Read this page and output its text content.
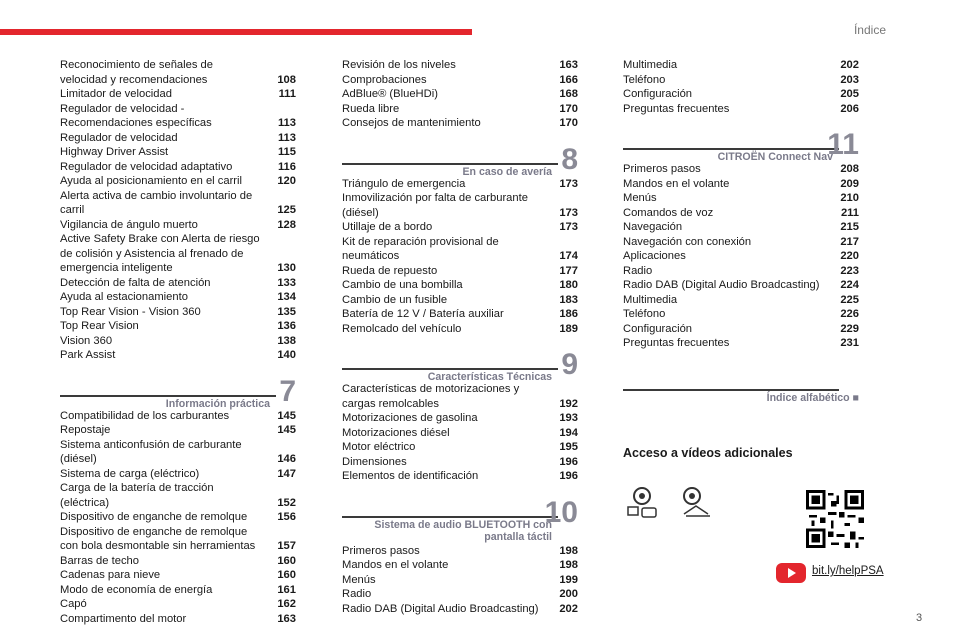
Índice
Reconocimiento de señales de velocidad y recomendaciones	108
Limitador de velocidad	111
Regulador de velocidad - Recomendaciones específicas	113
Regulador de velocidad	113
Highway Driver Assist	115
Regulador de velocidad adaptativo	116
Ayuda al posicionamiento en el carril	120
Alerta activa de cambio involuntario de carril	125
Vigilancia de ángulo muerto	128
Active Safety Brake con Alerta de riesgo de colisión y Asistencia al frenado de emergencia inteligente	130
Detección de falta de atención	133
Ayuda al estacionamiento	134
Top Rear Vision - Vision 360	135
Top Rear Vision	136
Vision 360	138
Park Assist	140
Información práctica 7
Compatibilidad de los carburantes	145
Repostaje	145
Sistema anticonfusión de carburante (diésel)	146
Sistema de carga (eléctrico)	147
Carga de la batería de tracción (eléctrica)	152
Dispositivo de enganche de remolque	156
Dispositivo de enganche de remolque con bola desmontable sin herramientas	157
Barras de techo	160
Cadenas para nieve	160
Modo de economía de energía	161
Capó	162
Compartimento del motor	163
Revisión de los niveles	163
Comprobaciones	166
AdBlue® (BlueHDi)	168
Rueda libre	170
Consejos de mantenimiento	170
En caso de avería 8
Triángulo de emergencia	173
Inmovilización por falta de carburante (diésel)	173
Utillaje de a bordo	173
Kit de reparación provisional de neumáticos	174
Rueda de repuesto	177
Cambio de una bombilla	180
Cambio de un fusible	183
Batería de 12 V / Batería auxiliar	186
Remolcado del vehículo	189
Características Técnicas 9
Características de motorizaciones y cargas remolcables	192
Motorizaciones de gasolina	193
Motorizaciones diésel	194
Motor eléctrico	195
Dimensiones	196
Elementos de identificación	196
Sistema de audio BLUETOOTH con pantalla táctil
10
Primeros pasos	198
Mandos en el volante	198
Menús	199
Radio	200
Radio DAB (Digital Audio Broadcasting)	202
Multimedia	202
Teléfono	203
Configuración	205
Preguntas frecuentes	206
CITROËN Connect Nav
11
Primeros pasos	208
Mandos en el volante	209
Menús	210
Comandos de voz	211
Navegación	215
Navegación con conexión	217
Aplicaciones	220
Radio	223
Radio DAB (Digital Audio Broadcasting)	224
Multimedia	225
Teléfono	226
Configuración	229
Preguntas frecuentes	231
Índice alfabético ■
Acceso a vídeos adicionales
bit.ly/helpPSA
3
